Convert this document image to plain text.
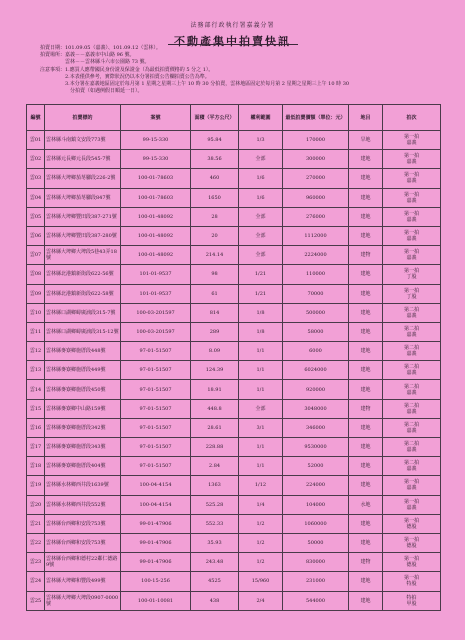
法務部行政執行署嘉義分署
不動產集中拍賣快訊
拍賣日期：101.09.05（嘉義）、101.09.12（雲林）。
拍賣場所：嘉義－－嘉義市中山路 96 號。
　　　　　雲林－－雲林縣斗六市公園路 73 號。
注意事項：1.應買人應帶國民身份證及保證金（為最低拍賣價格的 5 分之 1）。
　　　　　2.本表僅供參考，實際狀況仍以本分署拍賣公告欄拍賣公告為準。
　　　　　3.本分署在嘉義地區固定於每月第 1 星期之星期三上午 10 時 30 分拍賣，雲林地區固定於每月第 2 星期之星期三上午 10 時 30
　　　　　　分拍賣（如遇例假日順延一日）。
編號	拍賣標的	案號	面積（平方公尺）	權利範圍	最低拍賣價額（單位：元）	地目	拍次
雲01	雲林縣斗南鎮文安段773號	99-15-330	95.84	1/3	170000	旱地	第一拍
嘉義
雲02	雲林縣元長鄉元長段545-7號	99-15-330	38.56	全部	300000	建地	第一拍
嘉義
雲03	雲林縣大埤鄉茄苳腳段226-2號	100-01-78603	460	1/6	270000	建地	第一拍
嘉義
雲04	雲林縣大埤鄉茄苳腳段847號	100-01-78603	1650	1/6	960000	建地	第一拍
嘉義
雲05	雲林縣大埤鄉豐田段387-271號	100-01-48092	28	全部	276000	建地	第一拍
嘉義
雲06	雲林縣大埤鄉豐田段387-280號	100-01-48092	20	全部	1112000	建地	第一拍
嘉義
雲07	雲林縣大埤鄉大埤段5巷43弄18號	100-01-48092	214.14	全部	2224000	建物	第一拍
嘉義
雲08	雲林縣北港鎮新街段622-56號	101-01-9537	98	1/21	110000	建地	第一拍
丁股
雲09	雲林縣北港鎮新街段622-58號	101-01-9537	61	1/21	70000	建地	第一拍
丁股
雲10	雲林縣口湖鄉蟳廣湳段315-7號	100-03-201597	814	1/8	500000	建地	第二拍
嘉義
雲11	雲林縣口湖鄉蟳廣湳段315-12號	100-03-201597	289	1/8	58000	建地	第二拍
嘉義
雲12	雲林縣麥寮鄉施厝段448號	97-01-51507	8.09	1/1	6000	建地	第二拍
嘉義
雲13	雲林縣麥寮鄉施厝段449號	97-01-51507	124.39	1/1	6024000	建地	第二拍
嘉義
雲14	雲林縣麥寮鄉施厝段450號	97-01-51507	18.91	1/1	920000	建地	第二拍
嘉義
雲15	雲林縣麥寮鄉中山路159號	97-01-51507	448.8	全部	3048000	建物	第二拍
嘉義
雲16	雲林縣麥寮鄉施厝段342號	97-01-51507	28.61	3/1	346000	建地	第二拍
嘉義
雲17	雲林縣麥寮鄉施厝段343號	97-01-51507	228.88	1/1	9530000	建地	第二拍
嘉義
雲18	雲林縣麥寮鄉施厝段404號	97-01-51507	2.84	1/1	52000	建地	第二拍
嘉義
雲19	雲林縣水林鄉西井段1639號	100-04-4154	1363	1/12	224000	建地	第一拍
嘉義
雲20	雲林縣水林鄉西井段552號	100-04-4154	525.28	1/4	104000	水地	第一拍
嘉義
雲21	雲林縣台西鄉和安段753號	99-01-47906	552.33	1/2	1060000	建地	第一拍
德股
雲22	雲林縣台西鄉和安段753號	99-01-47906	35.93	1/2	50000	建地	第一拍
德股
雲23	雲林縣台西鄉和德村22鄰仁德路9號	99-01-47906	243.48	1/2	830000	建物	第一拍
德股
雲24	雲林縣大埤鄉和豐段499號	100-15-256	4525	15/960	231000	建地	第一拍
特股
雲25	雲林縣大埤鄉大埤段0907-0000號	100-01-10081	438	2/4	544000	建地	特拍
甲股
